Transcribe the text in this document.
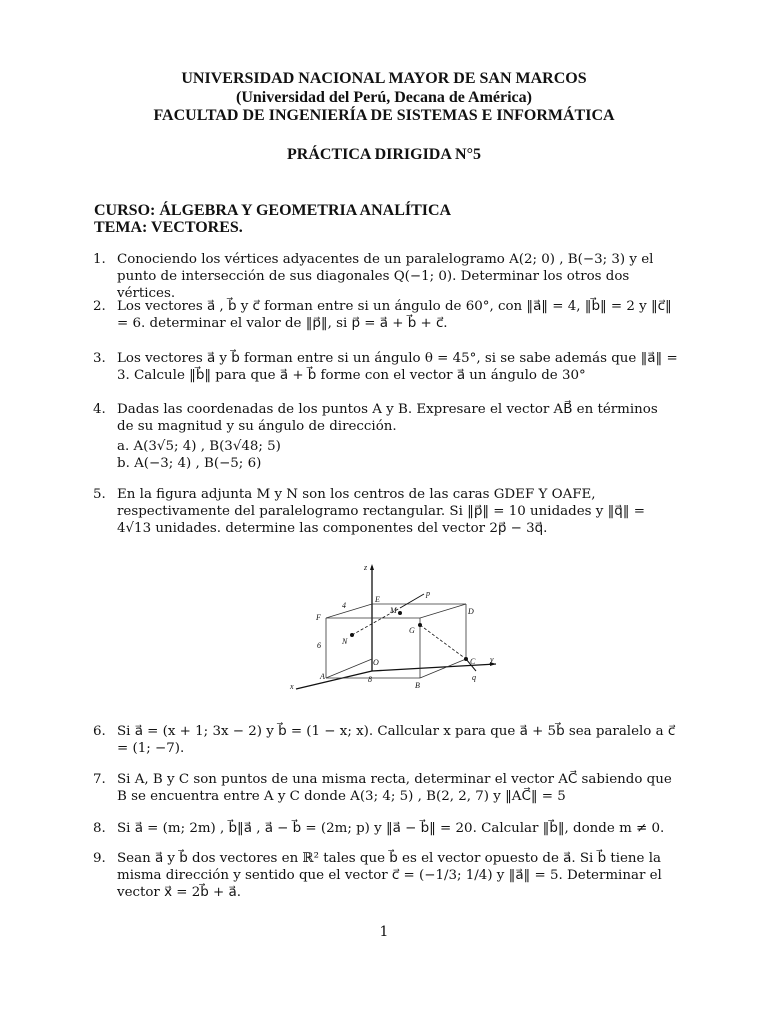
UNIVERSIDAD NACIONAL MAYOR DE SAN MARCOS
(Universidad del Perú, Decana de América)
FACULTAD DE INGENIERÍA DE SISTEMAS E INFORMÁTICA
PRÁCTICA DIRIGIDA N°5
CURSO: ÁLGEBRA Y GEOMETRIA ANALÍTICA
TEMA: VECTORES.
1. Conociendo los vértices adyacentes de un paralelogramo A(2; 0) , B(−3; 3) y el punto de intersección de sus diagonales Q(−1; 0). Determinar los otros dos vértices.
2. Los vectores a⃗ , b⃗ y c⃗ forman entre si un ángulo de 60°, con ‖a⃗‖ = 4, ‖b⃗‖ = 2 y ‖c⃗‖ = 6. determinar el valor de ‖p⃗‖, si p⃗ = a⃗ + b⃗ + c⃗.
3. Los vectores a⃗ y b⃗ forman entre si un ángulo θ = 45°, si se sabe además que ‖a⃗‖ = 3. Calcule ‖b⃗‖ para que a⃗ + b⃗ forme con el vector a⃗ un ángulo de 30°
4. Dadas las coordenadas de los puntos A y B. Expresare el vector AB⃗ en términos de su magnitud y su ángulo de dirección.
a. A(3√5; 4) , B(3√48; 5)
b. A(−3; 4) , B(−5; 6)
5. En la figura adjunta M y N son los centros de las caras GDEF Y OAFE, respectivamente del paralelogramo rectangular. Si ‖p⃗‖ = 10 unidades y ‖q⃗‖ = 4√13 unidades. determine las componentes del vector 2p⃗ − 3q⃗.
z
y
x
E
D
F
G
M
N
O
A
B
C
p
q
4
6
8
6. Si a⃗ = (x + 1; 3x − 2) y b⃗ = (1 − x; x). Callcular x para que a⃗ + 5b⃗ sea paralelo a c⃗ = (1; −7).
7. Si A, B y C son puntos de una misma recta, determinar el vector AC⃗ sabiendo que B se encuentra entre A y C donde A(3; 4; 5) , B(2, 2, 7) y ‖AC⃗‖ = 5
8. Si a⃗ = (m; 2m) , b⃗‖a⃗ , a⃗ − b⃗ = (2m; p) y ‖a⃗ − b⃗‖ = 20. Calcular ‖b⃗‖, donde m ≠ 0.
9. Sean a⃗ y b⃗ dos vectores en ℝ² tales que b⃗ es el vector opuesto de a⃗. Si b⃗ tiene la misma dirección y sentido que el vector c⃗ = (−1/3; 1/4) y ‖a⃗‖ = 5. Determinar el vector x⃗ = 2b⃗ + a⃗.
1
